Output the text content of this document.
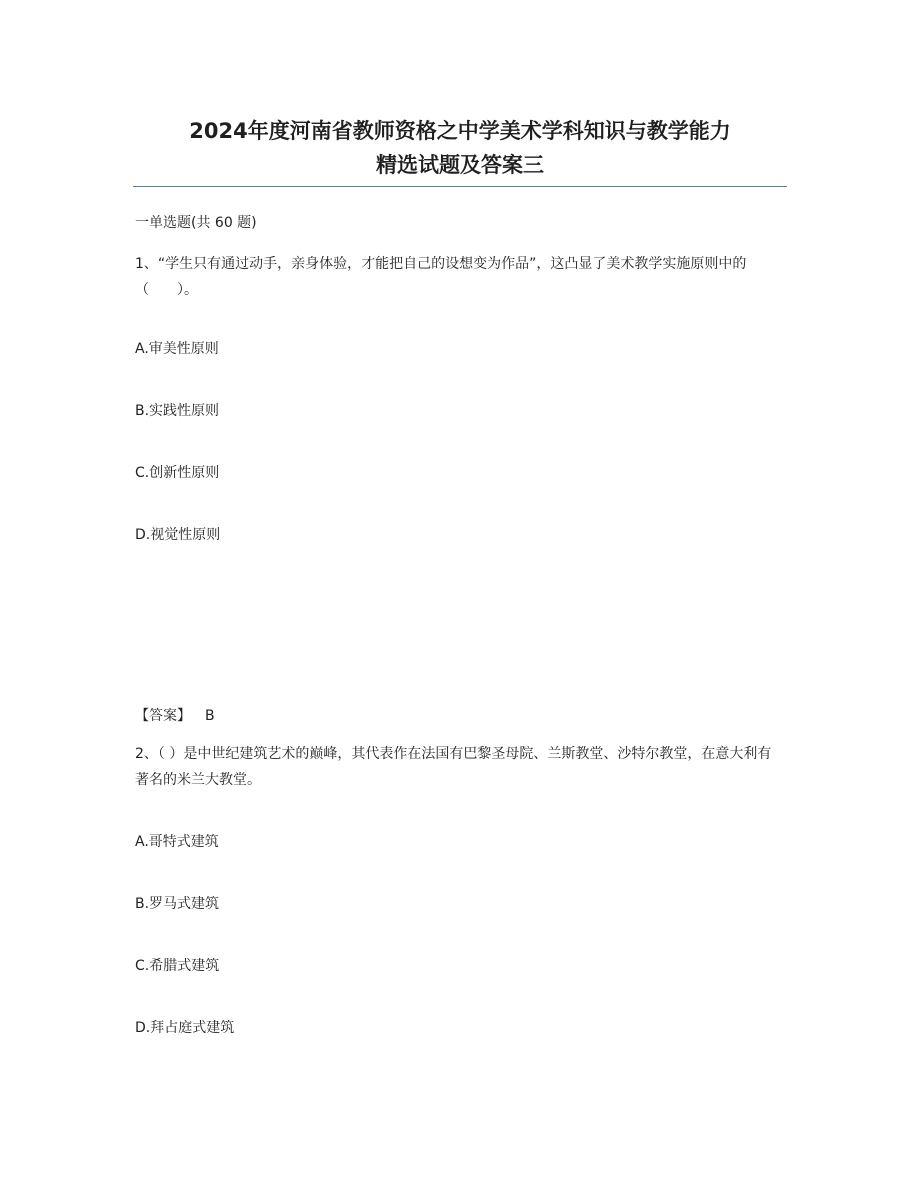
2024年度河南省教师资格之中学美术学科知识与教学能力
精选试题及答案三
一单选题(共 60 题)
1、“学生只有通过动手，亲身体验，才能把自己的设想变为作品”，这凸显了美术教学实施原则中的（　　）。
A.审美性原则
B.实践性原则
C.创新性原则
D.视觉性原则
【答案】 B
2、（ ）是中世纪建筑艺术的巅峰，其代表作在法国有巴黎圣母院、兰斯教堂、沙特尔教堂，在意大利有著名的米兰大教堂。
A.哥特式建筑
B.罗马式建筑
C.希腊式建筑
D.拜占庭式建筑
